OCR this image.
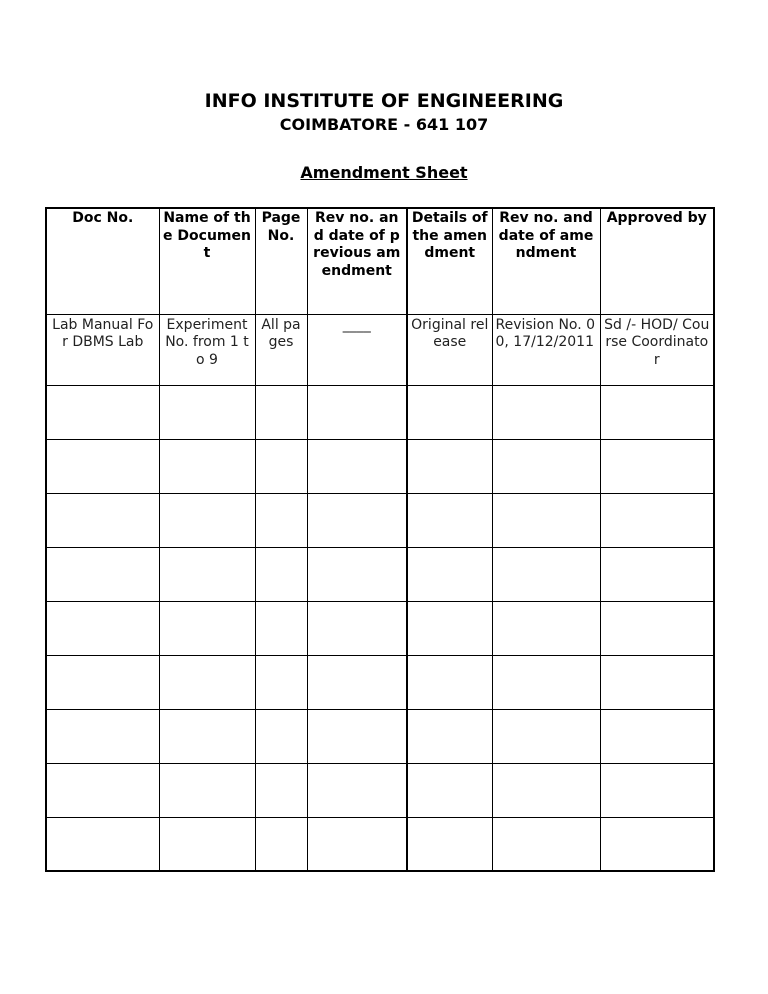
INFO INSTITUTE OF ENGINEERING
COIMBATORE - 641 107
Amendment Sheet
Doc No.	Name of the Document	Page No.	Rev no. and date of previous amendment	Details of the amendment	Rev no. and date of amendment	Approved by
Lab Manual For DBMS Lab	Experiment No. from 1 to 9	All pages	____	Original release	Revision No. 00, 17/12/2011	Sd /- HOD/ Course Coordinator
